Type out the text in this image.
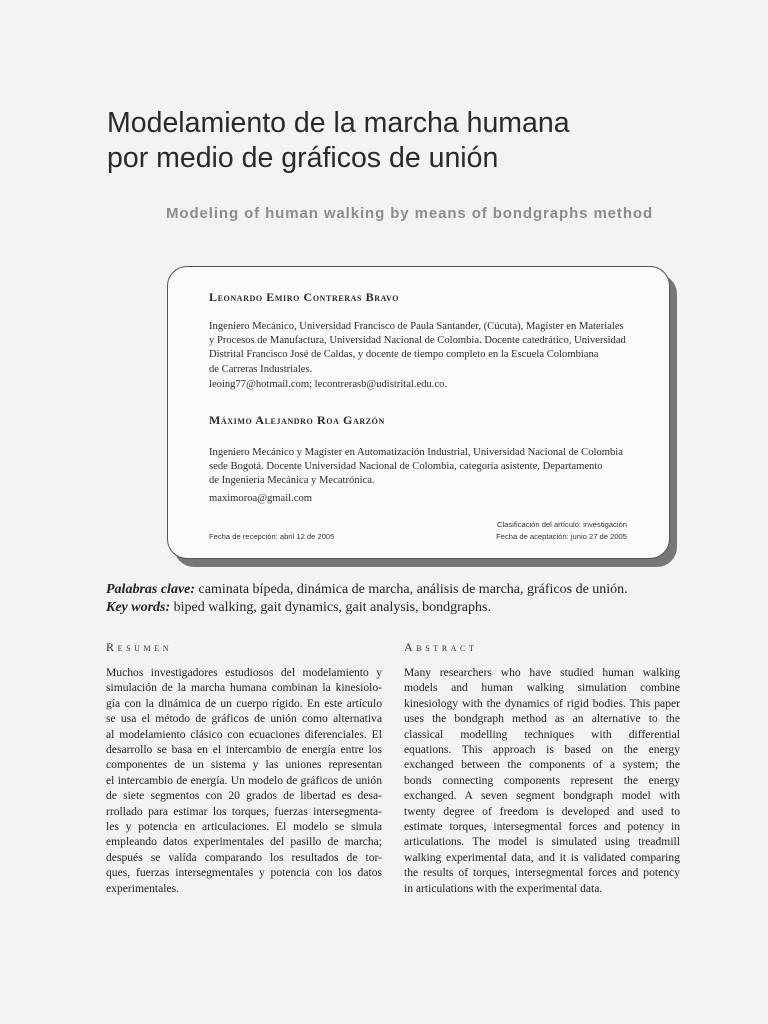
Modelamiento de la marcha humana
por medio de gráficos de unión
Modeling of human walking by means of bondgraphs method
Leonardo Emiro Contreras Bravo
Ingeniero Mecánico, Universidad Francisco de Paula Santander, (Cúcuta), Magíster en Materiales
y Procesos de Manufactura, Universidad Nacional de Colombia. Docente catedrático, Universidad
Distrital Francisco José de Caldas, y docente de tiempo completo en la Escuela Colombiana
de Carreras Industriales.
leoing77@hotmail.com; lecontrerasb@udistrital.edu.co.
Máximo Alejandro Roa Garzón
Ingeniero Mecánico y Magíster en Automatización Industrial, Universidad Nacional de Colombia
sede Bogotá. Docente Universidad Nacional de Colombia, categoría asistente, Departamento
de Ingeniería Mecánica y Mecatrónica.
maximoroa@gmail.com
Fecha de recepción: abril 12 de 2005
Clasificación del artículo: investigación
Fecha de aceptación: junio 27 de 2005
Palabras clave: caminata bípeda, dinámica de marcha, análisis de marcha, gráficos de unión.
Key words: biped walking, gait dynamics, gait analysis, bondgraphs.
Resumen	Abstract
Muchos investigadores estudiosos del modelamiento y
simulación de la marcha humana combinan la kinesiolo-
gía con la dinámica de un cuerpo rígido. En este artículo
se usa el método de gráficos de unión como alternativa
al modelamiento clásico con ecuaciones diferenciales. El
desarrollo se basa en el intercambio de energía entre los
componentes de un sistema y las uniones representan
el intercambio de energía. Un modelo de gráficos de unión
de siete segmentos con 20 grados de libertad es desa-
rrollado para estimar los torques, fuerzas intersegmenta-
les y potencia en articulaciones. El modelo se simula
empleando datos experimentales del pasillo de marcha;
después se valída comparando los resultados de tor-
ques, fuerzas intersegmentales y potencia con los datos
experimentales.
Many researchers who have studied human walking
models and human walking simulation combine
kinesiology with the dynamics of rigid bodies. This paper
uses the bondgraph method as an alternative to the
classical modelling techniques with differential
equations. This approach is based on the energy
exchanged between the components of a system; the
bonds connecting components represent the energy
exchanged. A seven segment bondgraph model with
twenty degree of freedom is developed and used to
estimate torques, intersegmental forces and potency in
articulations. The model is simulated using treadmill
walking experimental data, and it is validated comparing
the results of torques, intersegmental forces and potency
in articulations with the experimental data.
